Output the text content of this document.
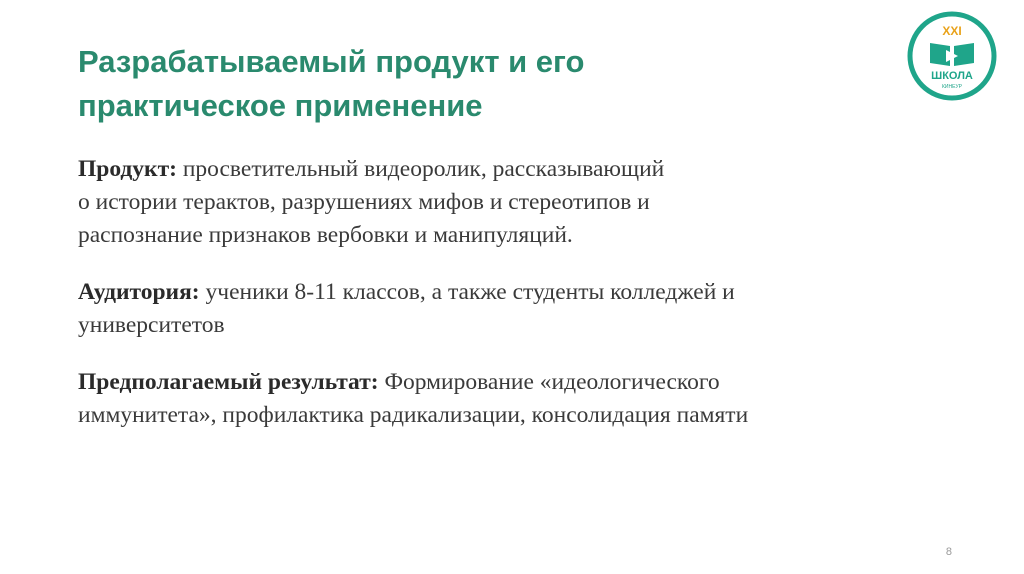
Разрабатываемый продукт и его
практическое применение
XXI
ШКОЛА
КИНЕУР

Продукт: просветительный видеоролик, рассказывающий
о истории терактов, разрушениях мифов и стереотипов и
распознание признаков вербовки и манипуляций.

Аудитория: ученики 8-11 классов, а также студенты колледжей и
университетов

Предполагаемый результат: Формирование «идеологического
иммунитета», профилактика радикализации, консолидация памяти

8
